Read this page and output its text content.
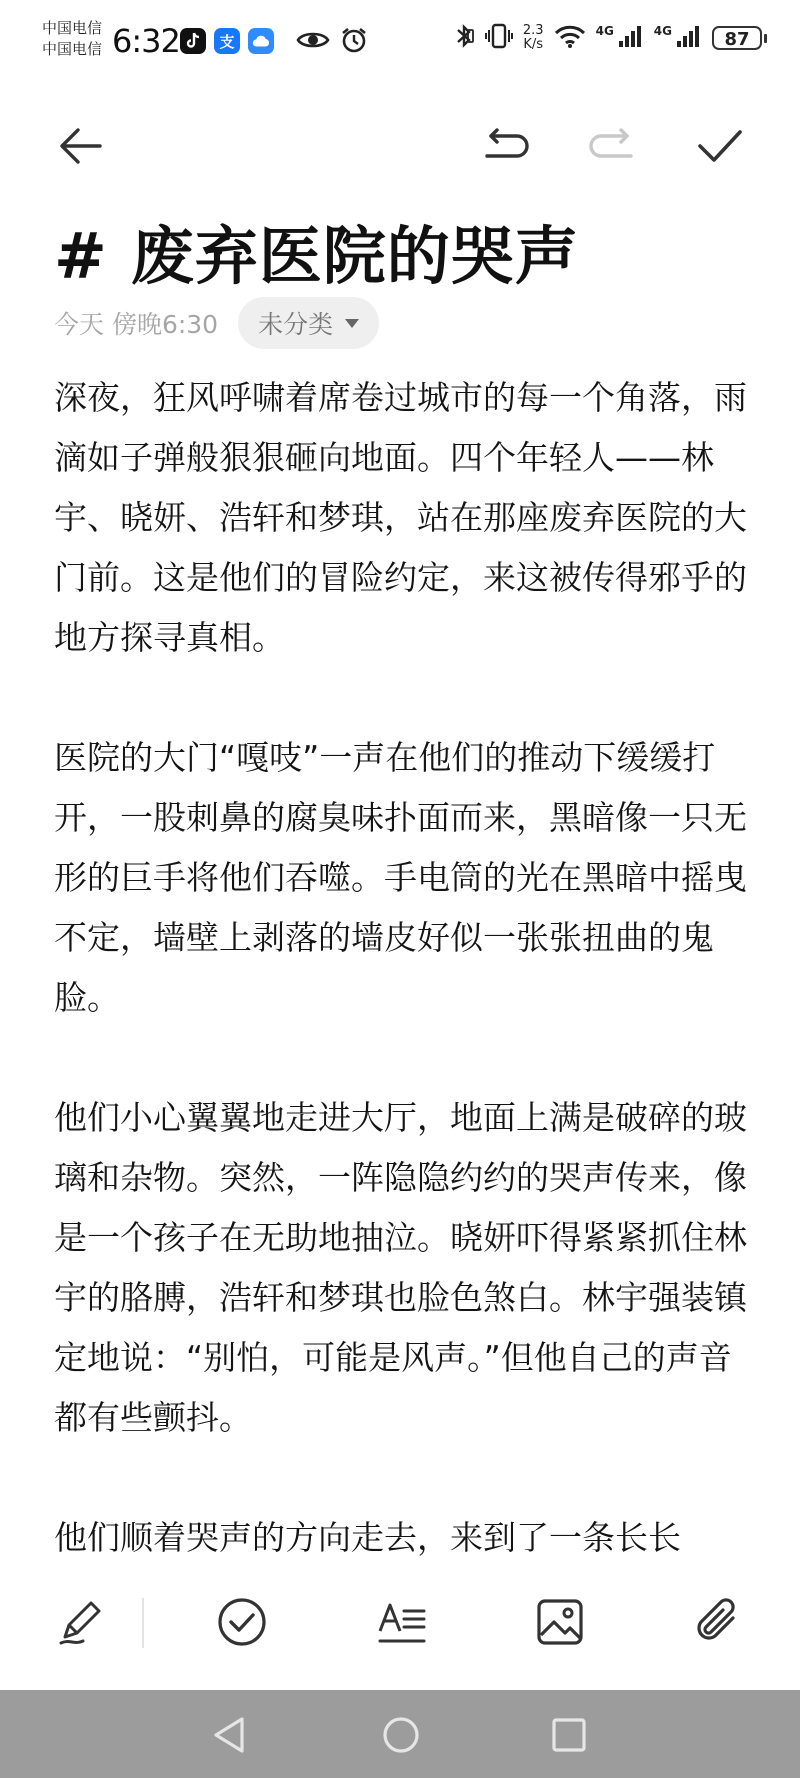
中国电信
中国电信 6:32	支
2.3
K/s
4G	4G	87
# 废弃医院的哭声
今天 傍晚6:30 未分类

深夜，狂风呼啸着席卷过城市的每一个角落，雨滴如子弹般狠狠砸向地面。四个年轻人——林宇、晓妍、浩轩和梦琪，站在那座废弃医院的大门前。这是他们的冒险约定，来这被传得邪乎的地方探寻真相。

医院的大门“嘎吱”一声在他们的推动下缓缓打开，一股刺鼻的腐臭味扑面而来，黑暗像一只无形的巨手将他们吞噬。手电筒的光在黑暗中摇曳不定，墙壁上剥落的墙皮好似一张张扭曲的鬼脸。

他们小心翼翼地走进大厅，地面上满是破碎的玻璃和杂物。突然，一阵隐隐约约的哭声传来，像是一个孩子在无助地抽泣。晓妍吓得紧紧抓住林宇的胳膊，浩轩和梦琪也脸色煞白。林宇强装镇定地说：“别怕，可能是风声。”但他自己的声音都有些颤抖。

他们顺着哭声的方向走去，来到了一条长长
